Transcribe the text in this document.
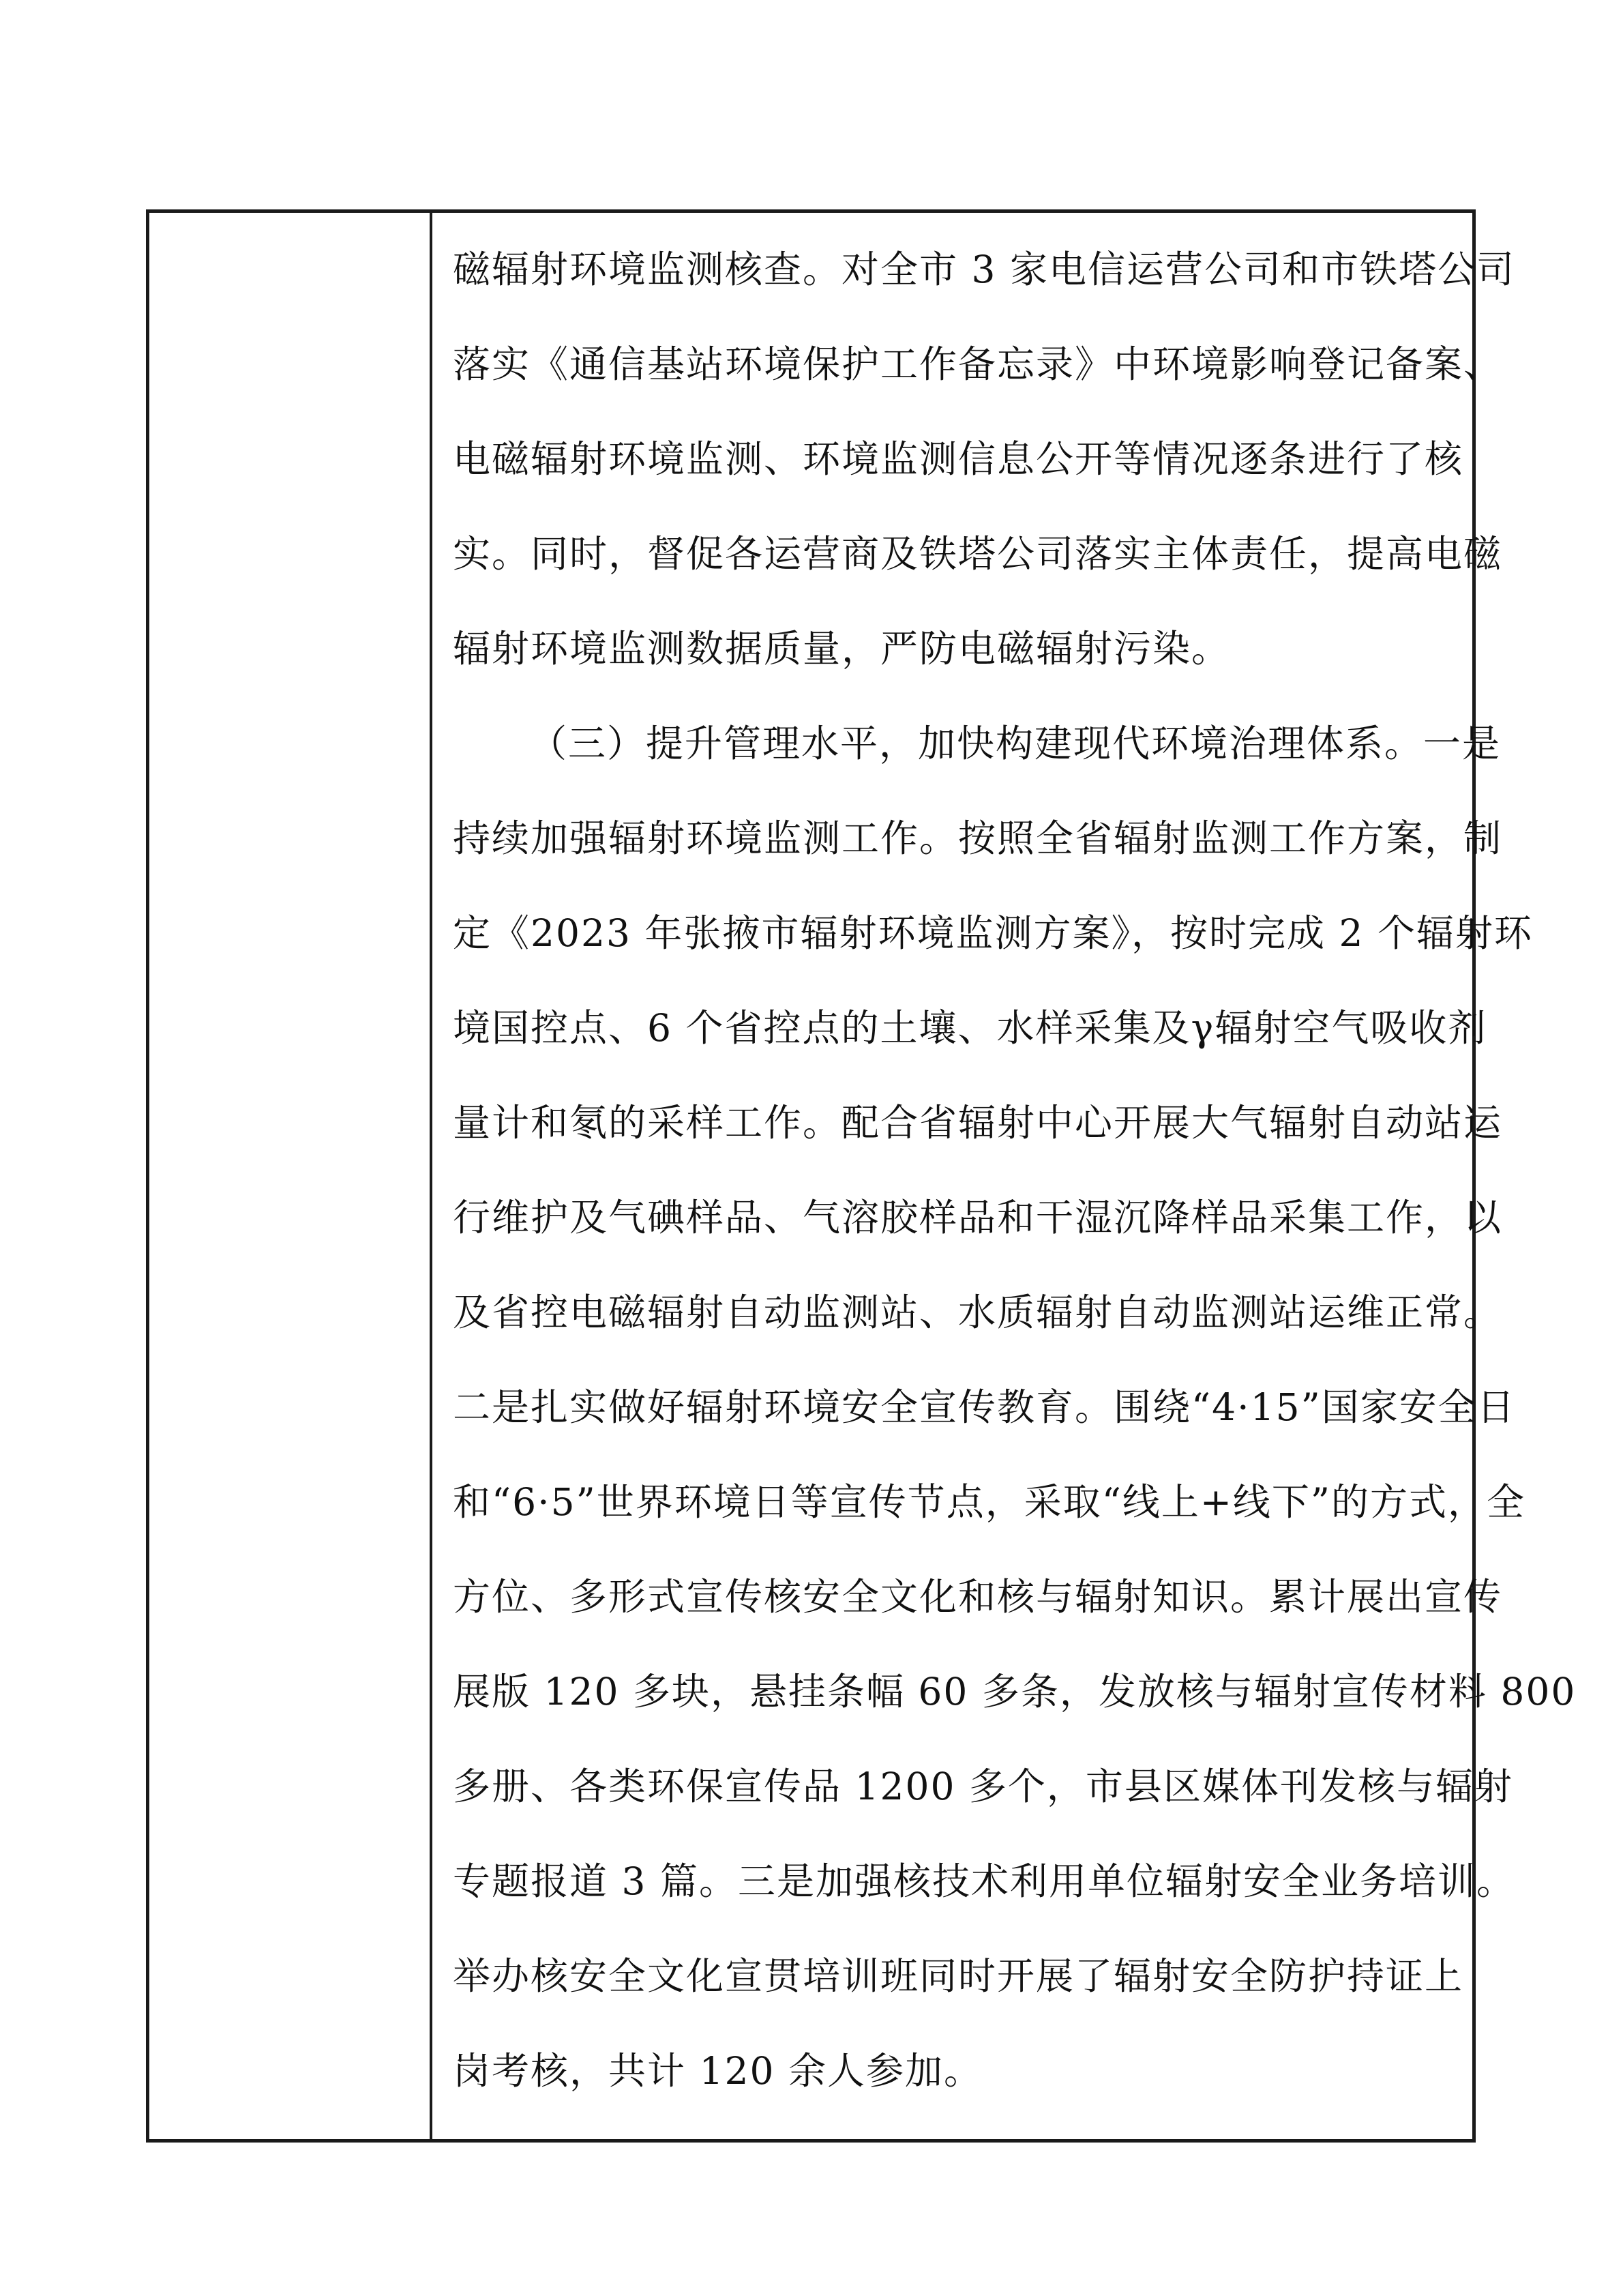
磁辐射环境监测核查。对全市 3 家电信运营公司和市铁塔公司
落实《通信基站环境保护工作备忘录》中环境影响登记备案、
电磁辐射环境监测、环境监测信息公开等情况逐条进行了核
实。同时，督促各运营商及铁塔公司落实主体责任，提高电磁
辐射环境监测数据质量，严防电磁辐射污染。
（三）提升管理水平，加快构建现代环境治理体系。一是
持续加强辐射环境监测工作。按照全省辐射监测工作方案，制
定《2023 年张掖市辐射环境监测方案》，按时完成 2 个辐射环
境国控点、6 个省控点的土壤、水样采集及γ辐射空气吸收剂
量计和氡的采样工作。配合省辐射中心开展大气辐射自动站运
行维护及气碘样品、气溶胶样品和干湿沉降样品采集工作，以
及省控电磁辐射自动监测站、水质辐射自动监测站运维正常。
二是扎实做好辐射环境安全宣传教育。围绕“4·15”国家安全日
和“6·5”世界环境日等宣传节点，采取“线上+线下”的方式，全
方位、多形式宣传核安全文化和核与辐射知识。累计展出宣传
展版 120 多块，悬挂条幅 60 多条，发放核与辐射宣传材料 800
多册、各类环保宣传品 1200 多个，市县区媒体刊发核与辐射
专题报道 3 篇。三是加强核技术利用单位辐射安全业务培训。
举办核安全文化宣贯培训班同时开展了辐射安全防护持证上
岗考核，共计 120 余人参加。
